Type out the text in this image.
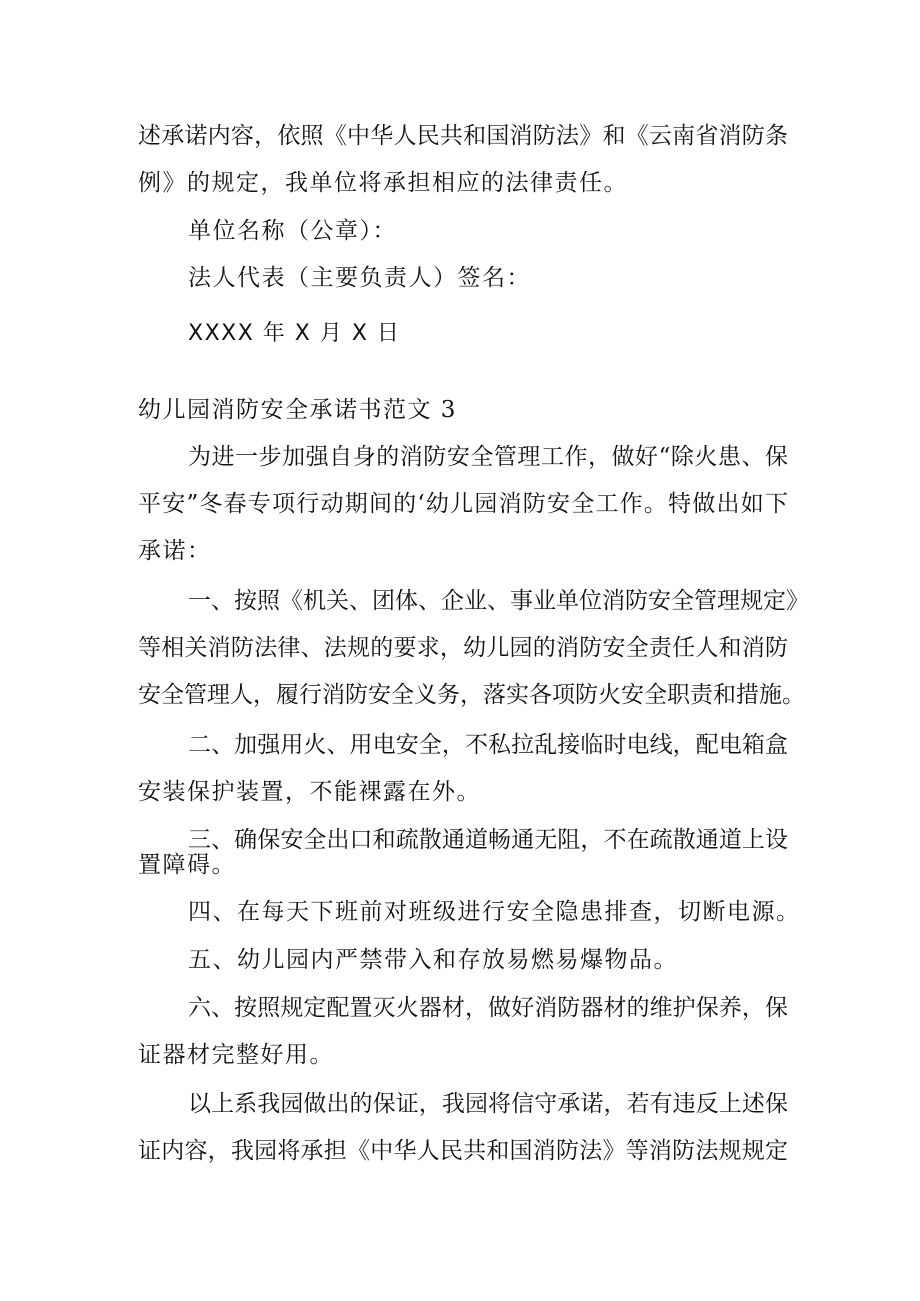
述承诺内容，依照《中华人民共和国消防法》和《云南省消防条
例》的规定，我单位将承担相应的法律责任。
单位名称（公章）：
法人代表（主要负责人）签名：
XXXX 年 X 月 X 日
幼儿园消防安全承诺书范文 3
为进一步加强自身的消防安全管理工作，做好“除火患、保
平安”冬春专项行动期间的‘幼儿园消防安全工作。特做出如下
承诺：
一、按照《机关、团体、企业、事业单位消防安全管理规定》
等相关消防法律、法规的要求，幼儿园的消防安全责任人和消防
安全管理人，履行消防安全义务，落实各项防火安全职责和措施。
二、加强用火、用电安全，不私拉乱接临时电线，配电箱盒
安装保护装置，不能裸露在外。
三、确保安全出口和疏散通道畅通无阻，不在疏散通道上设
置障碍。
四、在每天下班前对班级进行安全隐患排查，切断电源。
五、幼儿园内严禁带入和存放易燃易爆物品。
六、按照规定配置灭火器材，做好消防器材的维护保养，保
证器材完整好用。
以上系我园做出的保证，我园将信守承诺，若有违反上述保
证内容，我园将承担《中华人民共和国消防法》等消防法规规定
